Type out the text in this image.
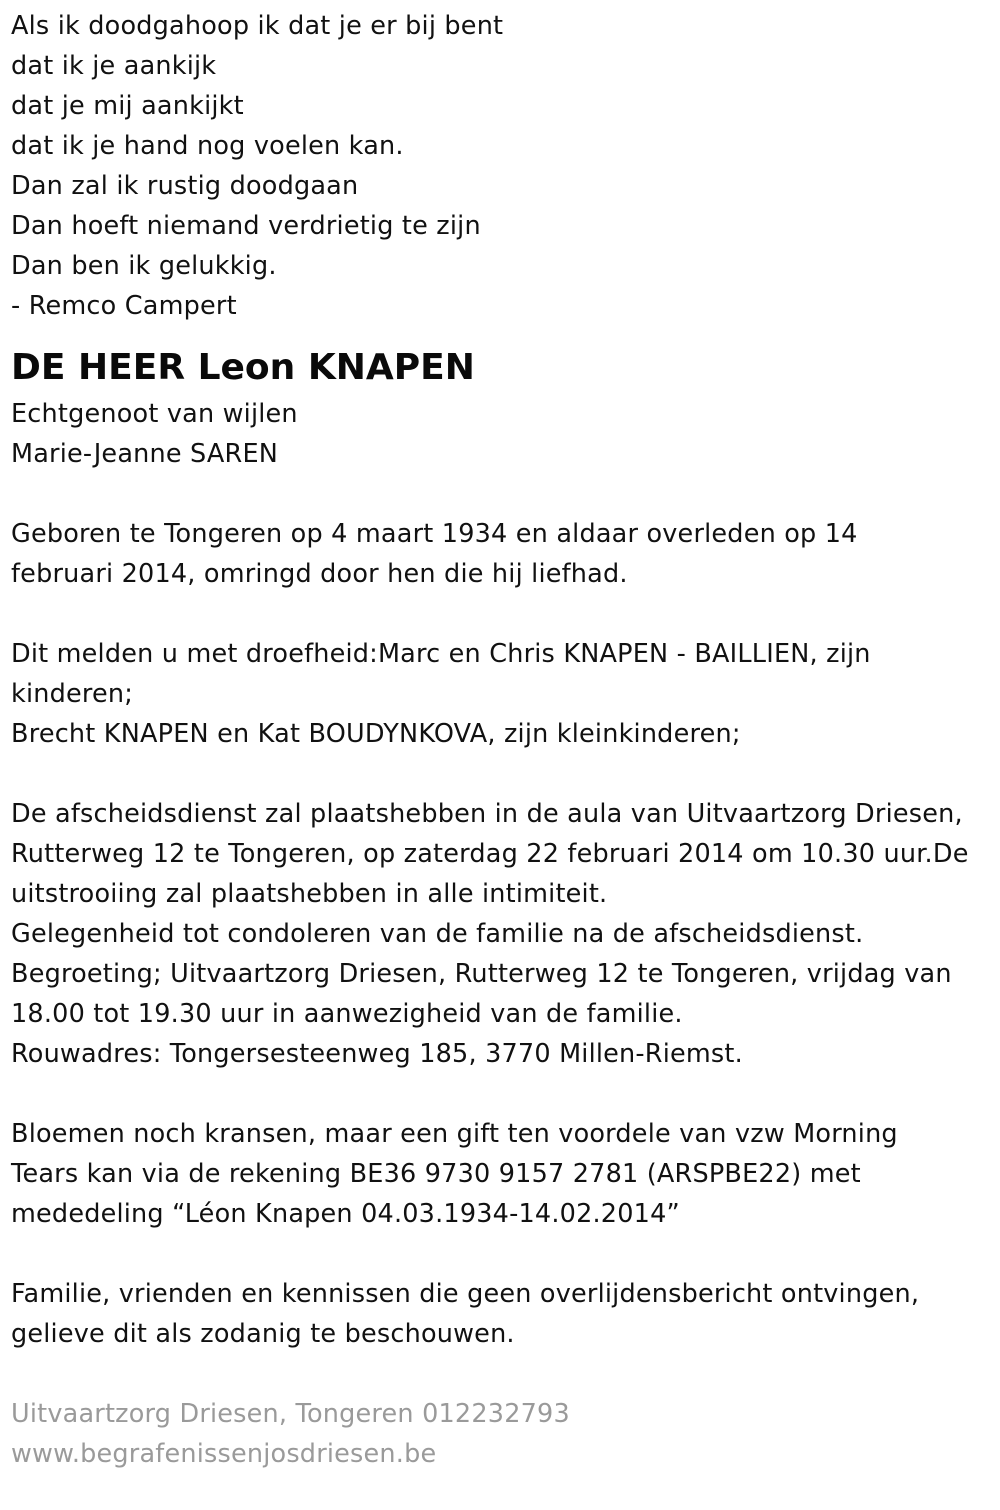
Als ik doodgahoop ik dat je er bij bent
dat ik je aankijk
dat je mij aankijkt
dat ik je hand nog voelen kan.
Dan zal ik rustig doodgaan
Dan hoeft niemand verdrietig te zijn
Dan ben ik gelukkig.
- Remco Campert
DE HEER Leon KNAPEN
Echtgenoot van wijlen
Marie-Jeanne SAREN
Geboren te Tongeren op 4 maart 1934 en aldaar overleden op 14
februari 2014, omringd door hen die hij liefhad.
Dit melden u met droefheid:Marc en Chris KNAPEN - BAILLIEN, zijn
kinderen;
Brecht KNAPEN en Kat BOUDYNKOVA, zijn kleinkinderen;
De afscheidsdienst zal plaatshebben in de aula van Uitvaartzorg Driesen,
Rutterweg 12 te Tongeren, op zaterdag 22 februari 2014 om 10.30 uur.De
uitstrooiing zal plaatshebben in alle intimiteit.
Gelegenheid tot condoleren van de familie na de afscheidsdienst.
Begroeting; Uitvaartzorg Driesen, Rutterweg 12 te Tongeren, vrijdag van
18.00 tot 19.30 uur in aanwezigheid van de familie.
Rouwadres: Tongersesteenweg 185, 3770 Millen-Riemst.
Bloemen noch kransen, maar een gift ten voordele van vzw Morning
Tears kan via de rekening BE36 9730 9157 2781 (ARSPBE22) met
mededeling “Léon Knapen 04.03.1934-14.02.2014”
Familie, vrienden en kennissen die geen overlijdensbericht ontvingen,
gelieve dit als zodanig te beschouwen.
Uitvaartzorg Driesen, Tongeren 012232793
www.begrafenissenjosdriesen.be
